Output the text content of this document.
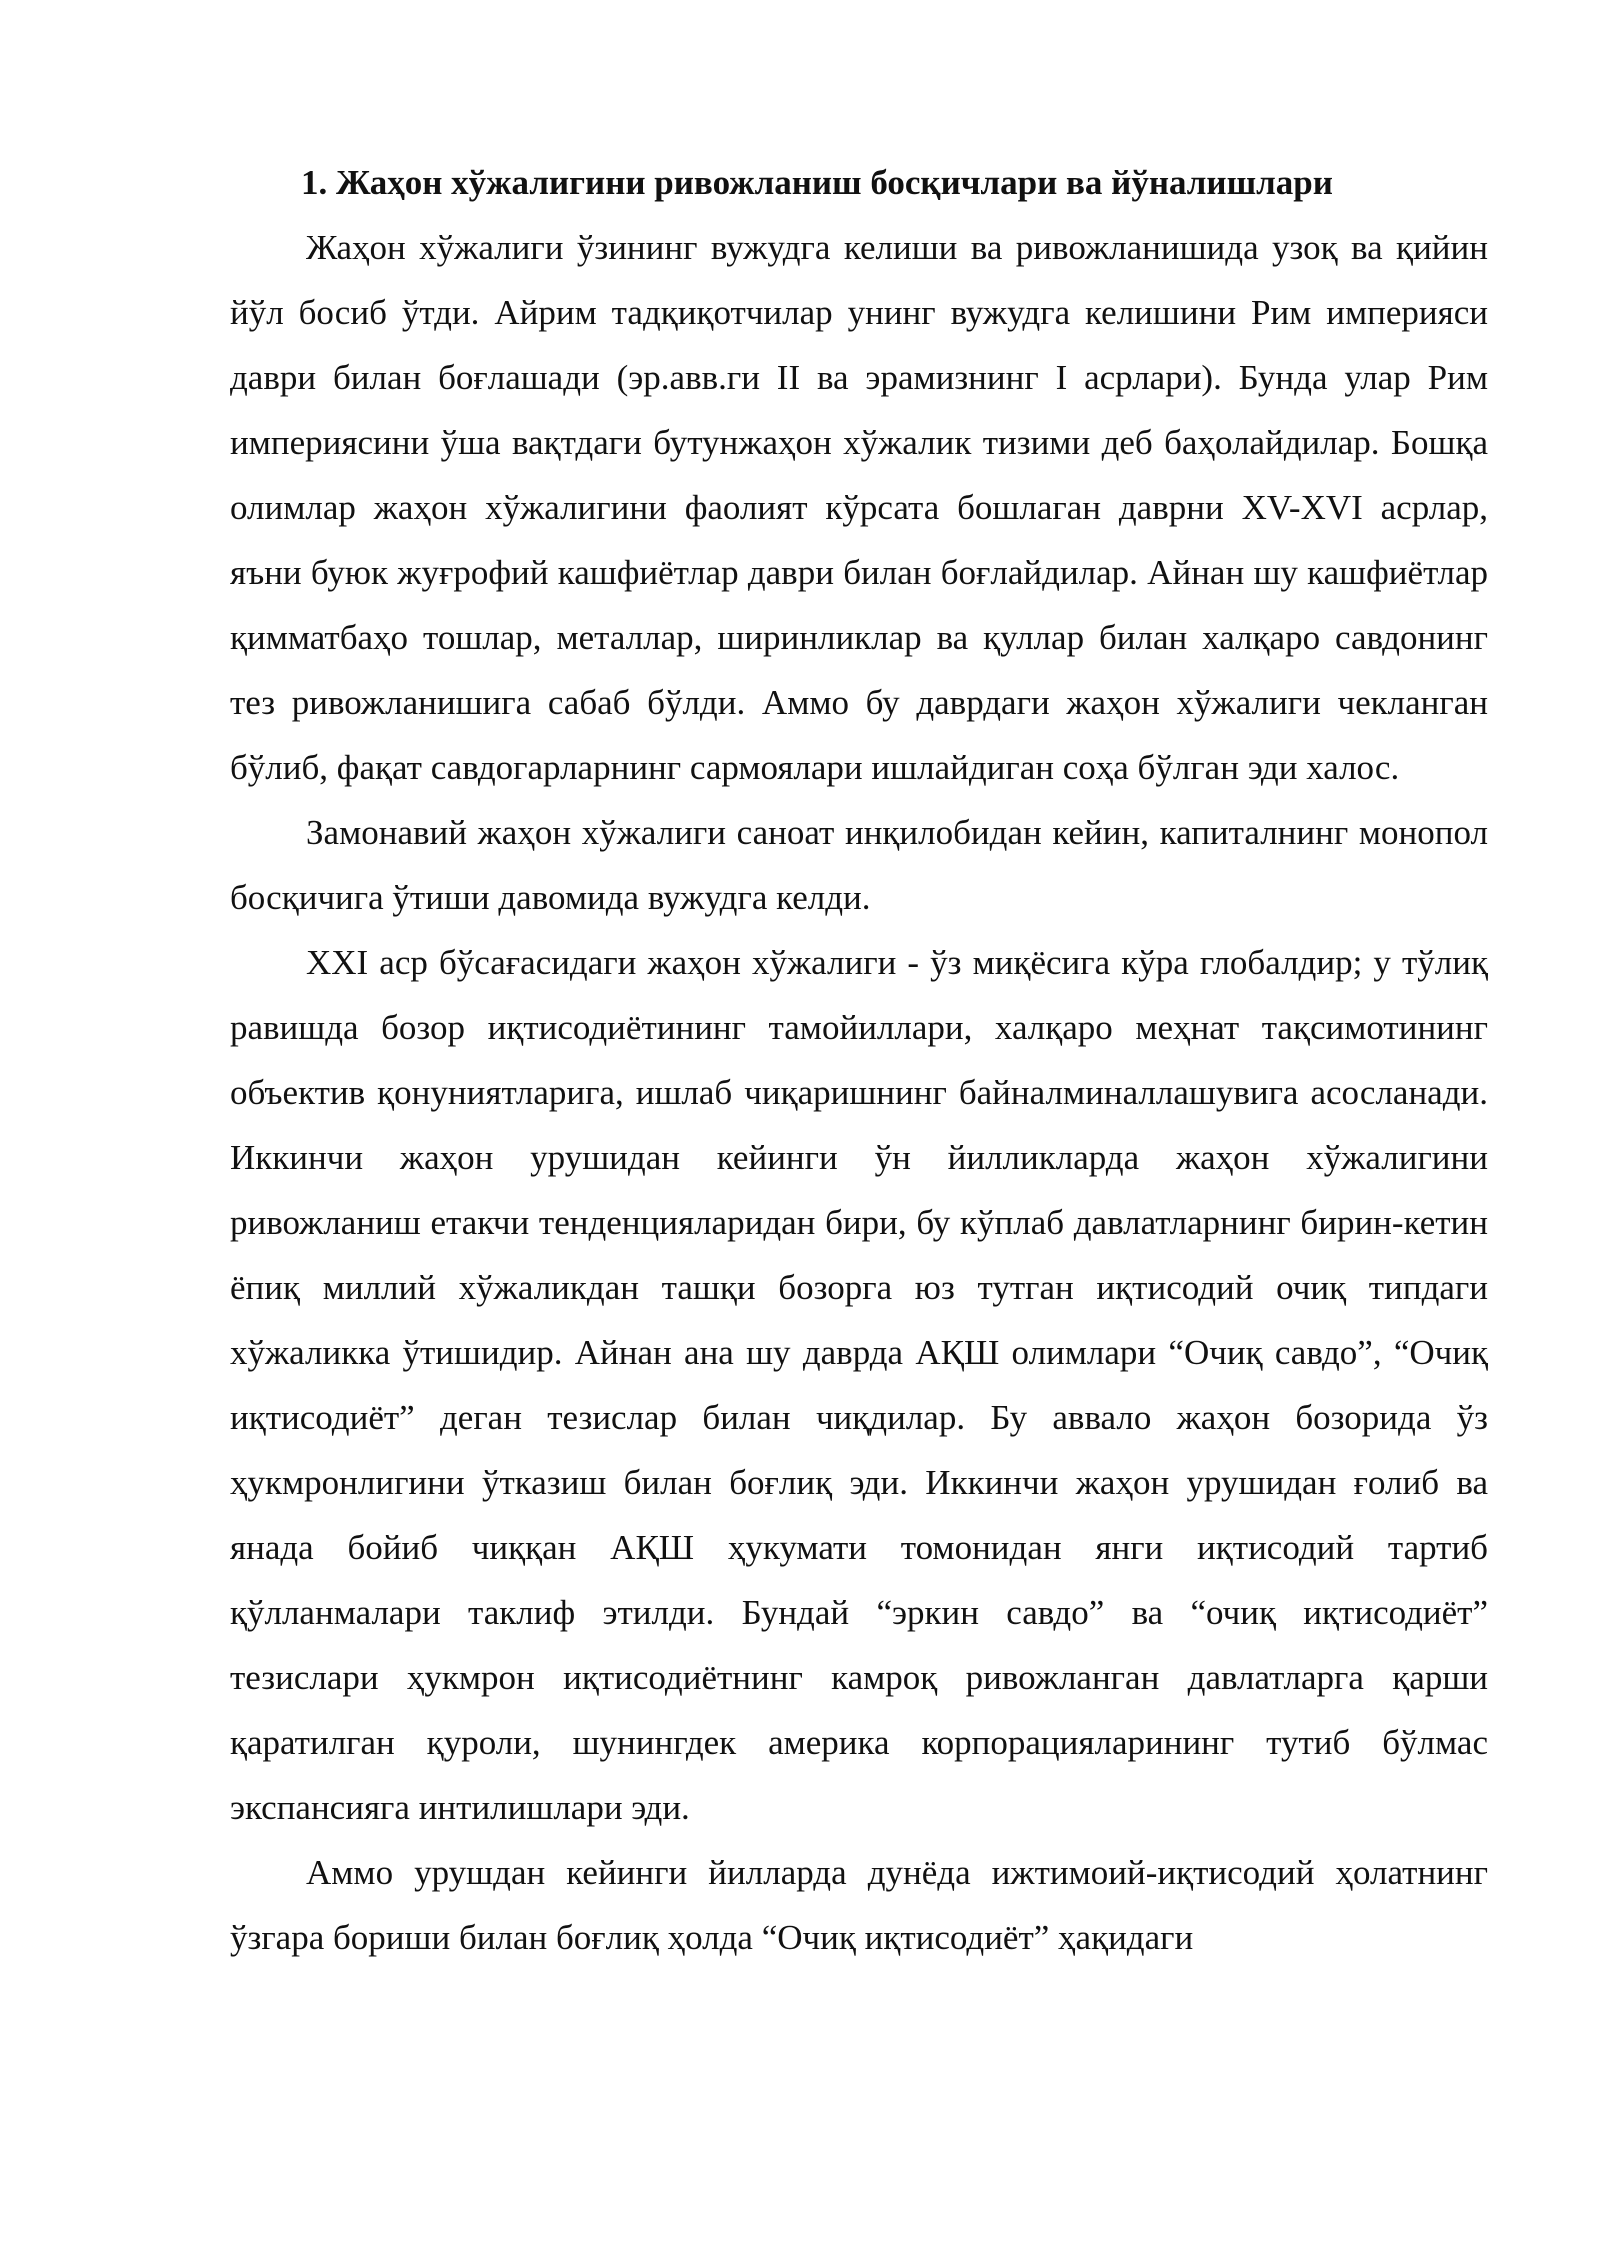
1. Жаҳон хўжалигини ривожланиш босқичлари ва йўналишлари

Жаҳон хўжалиги ўзининг вужудга келиши ва ривожланишида узоқ ва қийин йўл босиб ўтди. Айрим тадқиқотчилар унинг вужудга келишини Рим империяси даври билан боғлашади (эр.авв.ги II ва эрамизнинг I асрлари). Бунда улар Рим империясини ўша вақтдаги бутунжаҳон хўжалик тизими деб баҳолайдилар. Бошқа олимлар жаҳон хўжалигини фаолият кўрсата бошлаган даврни XV-XVI асрлар, яъни буюк жуғрофий кашфиётлар даври билан боғлайдилар. Айнан шу кашфиётлар қимматбаҳо тошлар, металлар, ширинликлар ва қуллар билан халқаро савдонинг тез ривожланишига сабаб бўлди. Аммо бу даврдаги жаҳон хўжалиги чекланган бўлиб, фақат савдогарларнинг сармоялари ишлайдиган соҳа бўлган эди халос.

Замонавий жаҳон хўжалиги саноат инқилобидан кейин, капиталнинг монопол босқичига ўтиши давомида вужудга келди.

XXI аср бўсағасидаги жаҳон хўжалиги - ўз миқёсига кўра глобалдир; у тўлиқ равишда бозор иқтисодиётининг тамойиллари, халқаро меҳнат тақсимотининг объектив қонуниятларига, ишлаб чиқаришнинг байналминаллашувига асосланади. Иккинчи жаҳон урушидан кейинги ўн йилликларда жаҳон хўжалигини ривожланиш етакчи тенденцияларидан бири, бу кўплаб давлатларнинг бирин-кетин ёпиқ миллий хўжаликдан ташқи бозорга юз тутган иқтисодий очиқ типдаги хўжаликка ўтишидир. Айнан ана шу даврда АҚШ олимлари “Очиқ савдо”, “Очиқ иқтисодиёт” деган тезислар билан чиқдилар. Бу аввало жаҳон бозорида ўз ҳукмронлигини ўтказиш билан боғлиқ эди. Иккинчи жаҳон урушидан ғолиб ва янада бойиб чиққан АҚШ ҳукумати томонидан янги иқтисодий тартиб қўлланмалари таклиф этилди. Бундай “эркин савдо” ва “очиқ иқтисодиёт” тезислари ҳукмрон иқтисодиётнинг камроқ ривожланган давлатларга қарши қаратилган қуроли, шунингдек америка корпорацияларининг тутиб бўлмас экспансияга интилишлари эди.

Аммо урушдан кейинги йилларда дунёда ижтимоий-иқтисодий ҳолатнинг ўзгара бориши билан боғлиқ ҳолда “Очиқ иқтисодиёт” ҳақидаги
